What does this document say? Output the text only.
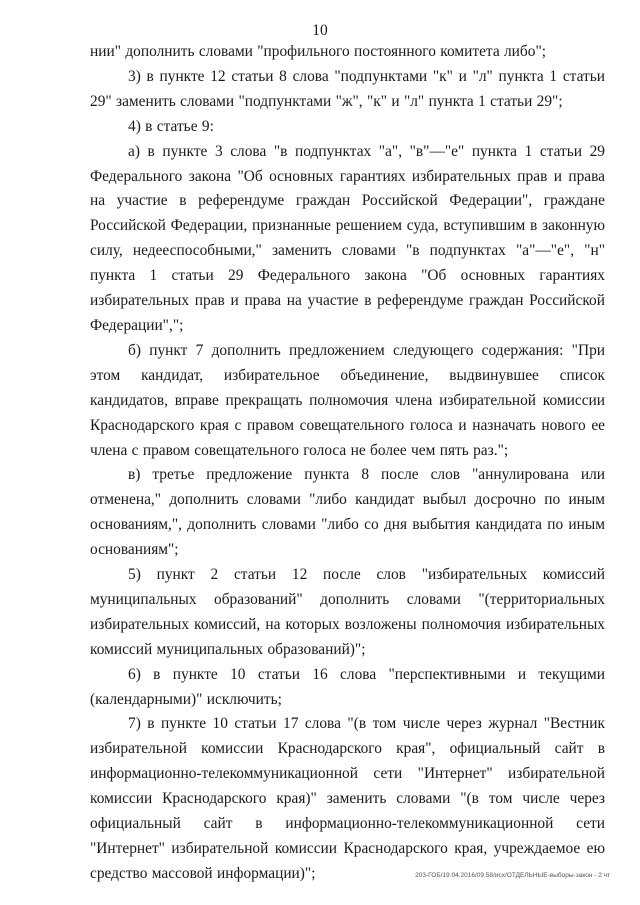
10

нии" дополнить словами "профильного постоянного комитета либо";

3) в пункте 12 статьи 8 слова "подпунктами "к" и "л" пункта 1 статьи 29" заменить словами "подпунктами "ж", "к" и "л" пункта 1 статьи 29";

4) в статье 9:

а) в пункте 3 слова "в подпунктах "а", "в"—"е" пункта 1 статьи 29 Федерального закона "Об основных гарантиях избирательных прав и права на участие в референдуме граждан Российской Федерации", граждане Российской Федерации, признанные решением суда, вступившим в законную силу, недееспособными," заменить словами "в подпунктах "а"—"е", "н" пункта 1 статьи 29 Федерального закона "Об основных гарантиях избирательных прав и права на участие в референдуме граждан Российской Федерации",";

б) пункт 7 дополнить предложением следующего содержания: "При этом кандидат, избирательное объединение, выдвинувшее список кандидатов, вправе прекращать полномочия члена избирательной комиссии Краснодарского края с правом совещательного голоса и назначать нового ее члена с правом совещательного голоса не более чем пять раз.";

в) третье предложение пункта 8 после слов "аннулирована или отменена," дополнить словами "либо кандидат выбыл досрочно по иным основаниям,", дополнить словами "либо со дня выбытия кандидата по иным основаниям";

5) пункт 2 статьи 12 после слов "избирательных комиссий муниципальных образований" дополнить словами "(территориальных избирательных комиссий, на которых возложены полномочия избирательных комиссий муниципальных образований)";

6) в пункте 10 статьи 16 слова "перспективными и текущими (календарными)" исключить;

7) в пункте 10 статьи 17 слова "(в том числе через журнал "Вестник избирательной комиссии Краснодарского края", официальный сайт в информационно-телекоммуникационной сети "Интернет" избирательной комиссии Краснодарского края)" заменить словами "(в том числе через официальный сайт в информационно-телекоммуникационной сети "Интернет" избирательной комиссии Краснодарского края, учреждаемое ею средство массовой информации)";	203-ГОБ/19.04.2016/09.58/исх/ОТДЕЛЬНЫЕ-выборы-закон - 2 чт
